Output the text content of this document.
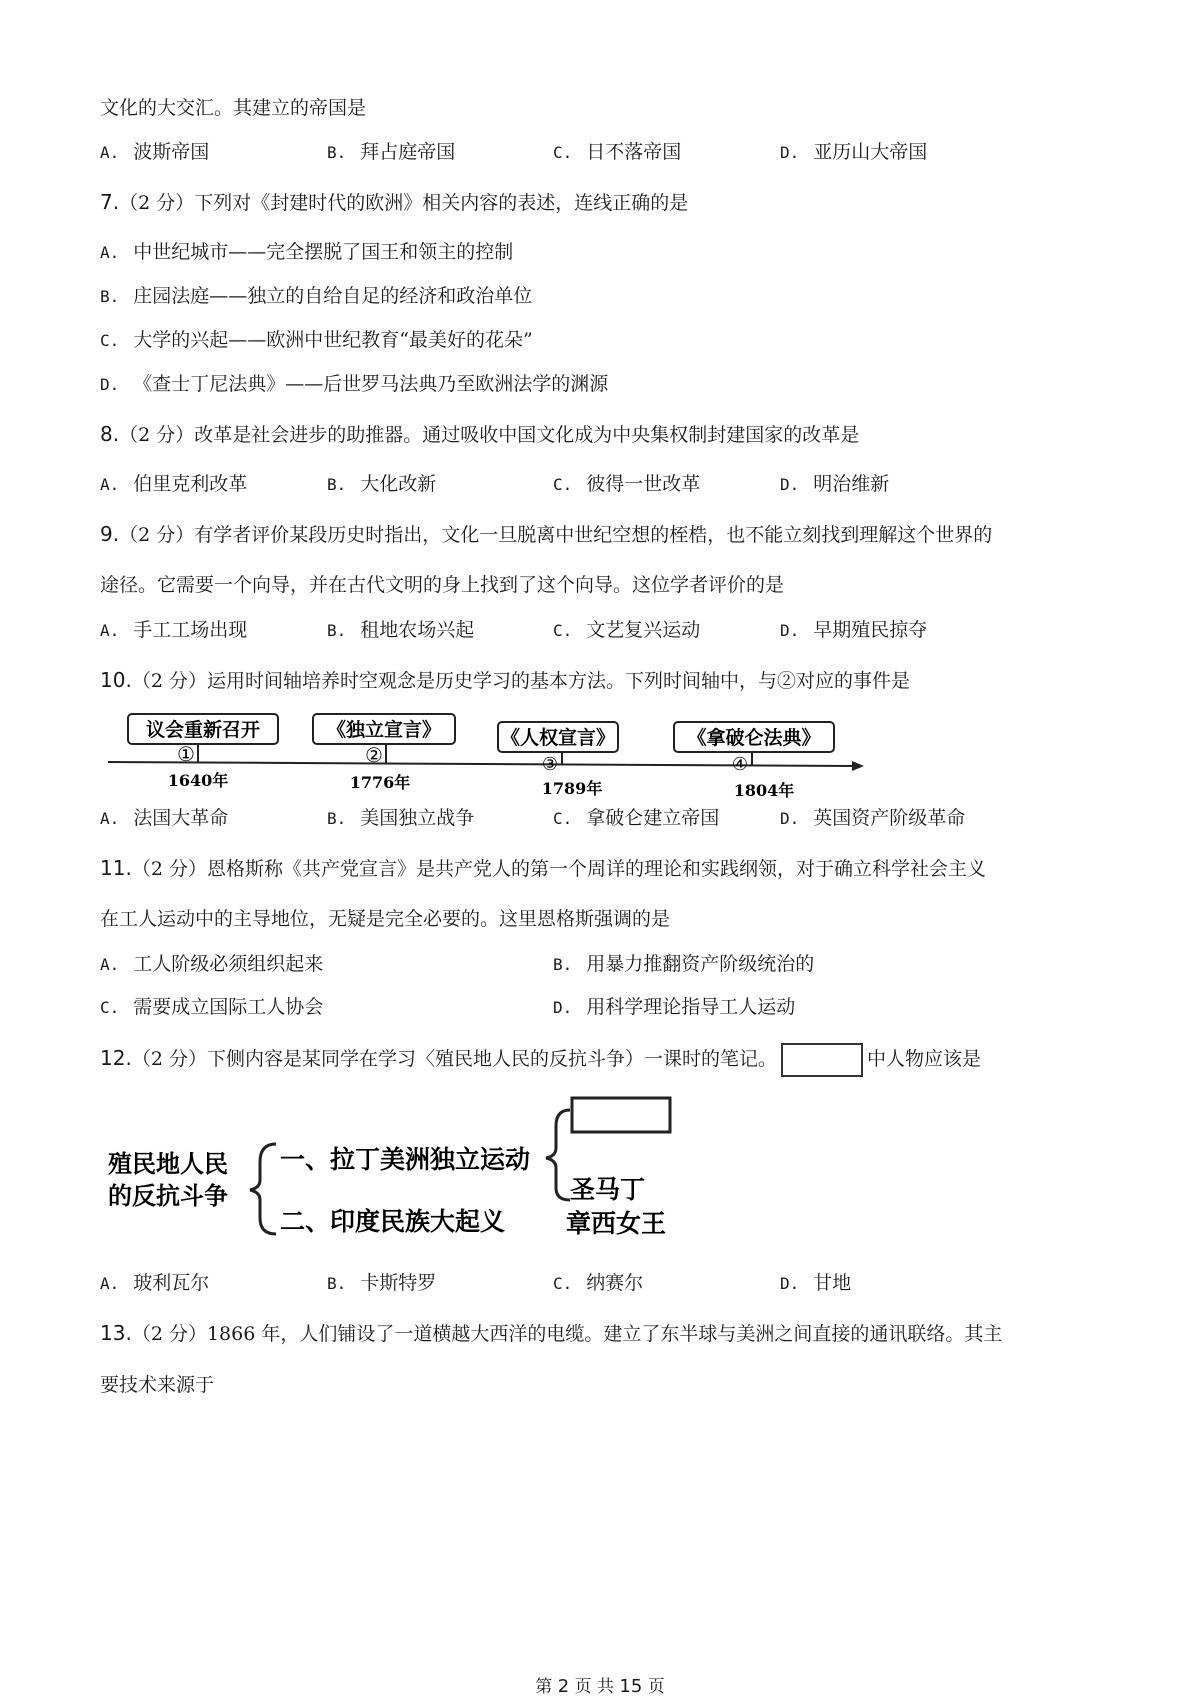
文化的大交汇。其建立的帝国是
A. 波斯帝国	B. 拜占庭帝国	C. 日不落帝国	D. 亚历山大帝国
7.（2 分）下列对《封建时代的欧洲》相关内容的表述，连线正确的是
A. 中世纪城市——完全摆脱了国王和领主的控制
B. 庄园法庭——独立的自给自足的经济和政治单位
C. 大学的兴起——欧洲中世纪教育“最美好的花朵”
D. 《查士丁尼法典》——后世罗马法典乃至欧洲法学的渊源
8.（2 分）改革是社会进步的助推器。通过吸收中国文化成为中央集权制封建国家的改革是
A. 伯里克利改革	B. 大化改新	C. 彼得一世改革	D. 明治维新
9.（2 分）有学者评价某段历史时指出，文化一旦脱离中世纪空想的桎梏，也不能立刻找到理解这个世界的
途径。它需要一个向导，并在古代文明的身上找到了这个向导。这位学者评价的是
A. 手工工场出现	B. 租地农场兴起	C. 文艺复兴运动	D. 早期殖民掠夺
10.（2 分）运用时间轴培养时空观念是历史学习的基本方法。下列时间轴中，与②对应的事件是
议会重新召开
①
1640年
《独立宣言》
②
1776年
《人权宣言》
③
1789年
《拿破仑法典》
④
1804年
A. 法国大革命	B. 美国独立战争	C. 拿破仑建立帝国	D. 英国资产阶级革命
11.（2 分）恩格斯称《共产党宣言》是共产党人的第一个周详的理论和实践纲领，对于确立科学社会主义
在工人运动中的主导地位，无疑是完全必要的。这里恩格斯强调的是
A. 工人阶级必须组织起来	B. 用暴力推翻资产阶级统治的
C. 需要成立国际工人协会	D. 用科学理论指导工人运动
12.（2 分）下侧内容是某同学在学习〈殖民地人民的反抗斗争）一课时的笔记。	中人物应该是
殖民地人民
的反抗斗争
一、拉丁美洲独立运动
二、印度民族大起义
圣马丁
章西女王
A. 玻利瓦尔	B. 卡斯特罗	C. 纳赛尔	D. 甘地
13.（2 分）1866 年，人们铺设了一道横越大西洋的电缆。建立了东半球与美洲之间直接的通讯联络。其主
要技术来源于
第 2 页 共 15 页
